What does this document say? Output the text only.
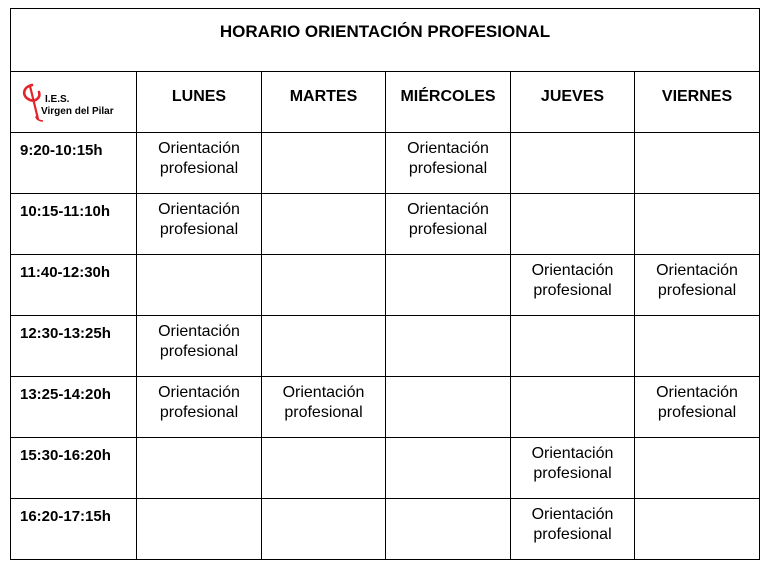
HORARIO ORIENTACIÓN PROFESIONAL					

I.E.S.
Virgen del Pilar	LUNES	MARTES	MIÉRCOLES	JUEVES	VIERNES

9:20-10:15h	Orientación
profesional		Orientación
profesional		

10:15-11:10h	Orientación
profesional		Orientación
profesional		

11:40-12:30h				Orientación
profesional	Orientación
profesional

12:30-13:25h	Orientación
profesional				

13:25-14:20h	Orientación
profesional	Orientación
profesional			Orientación
profesional

15:30-16:20h				Orientación
profesional	

16:20-17:15h				Orientación
profesional	
